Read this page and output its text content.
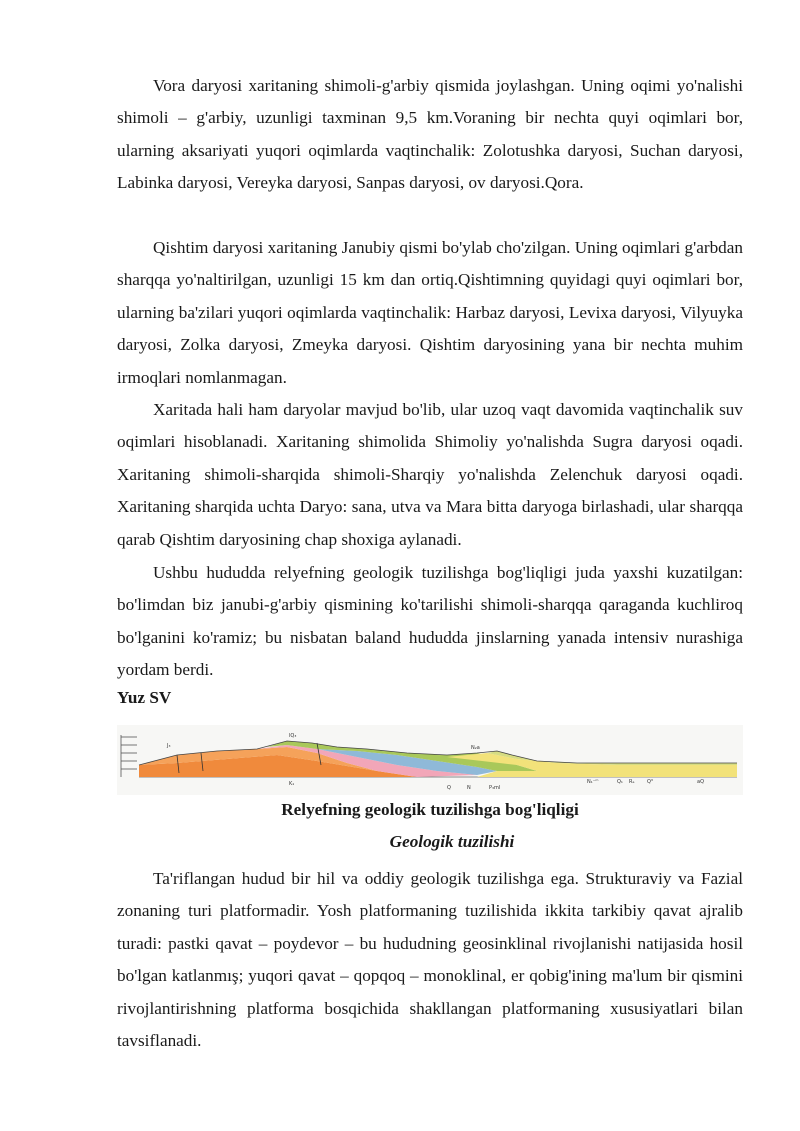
Vora daryosi xaritaning shimoli-g'arbiy qismida joylashgan. Uning oqimi yo'nalishi shimoli – g'arbiy, uzunligi taxminan 9,5 km.Voraning bir nechta quyi oqimlari bor, ularning aksariyati yuqori oqimlarda vaqtinchalik: Zolotushka daryosi, Suchan daryosi, Labinka daryosi, Vereyka daryosi, Sanpas daryosi, ov daryosi.Qora.

Qishtim daryosi xaritaning Janubiy qismi bo'ylab cho'zilgan. Uning oqimlari g'arbdan sharqqa yo'naltirilgan, uzunligi 15 km dan ortiq.Qishtimning quyidagi quyi oqimlari bor, ularning ba'zilari yuqori oqimlarda vaqtinchalik: Harbaz daryosi, Levixa daryosi, Vilyuyka daryosi, Zolka daryosi, Zmeyka daryosi. Qishtim daryosining yana bir nechta muhim irmoqlari nomlanmagan.

Xaritada hali ham daryolar mavjud bo'lib, ular uzoq vaqt davomida vaqtinchalik suv oqimlari hisoblanadi. Xaritaning shimolida Shimoliy yo'nalishda Sugra daryosi oqadi. Xaritaning shimoli-sharqida shimoli-Sharqiy yo'nalishda Zelenchuk daryosi oqadi. Xaritaning sharqida uchta Daryo: sana, utva va Mara bitta daryoga birlashadi, ular sharqqa qarab Qishtim daryosining chap shoxiga aylanadi.

Ushbu hududda relyefning geologik tuzilishga bog'liqligi juda yaxshi kuzatilgan: bo'limdan biz janubi-g'arbiy qismining ko'tarilishi shimoli-sharqqa qaraganda kuchliroq bo'lganini ko'ramiz; bu nisbatan baland hududda jinslarning yanada intensiv nurashiga yordam berdi.

Yuz SV

J₃
lQ₃
K₁
N₂a
Q	N	P₃ml
N₁⁻ᵐ	Q₁ Rₐ	Q³	aQ

Relyefning geologik tuzilishga bog'liqligi

Geologik tuzilishi

Ta'riflangan hudud bir hil va oddiy geologik tuzilishga ega. Strukturaviy va Fazial zonaning turi platformadir. Yosh platformaning tuzilishida ikkita tarkibiy qavat ajralib turadi: pastki qavat – poydevor – bu hududning geosinklinal rivojlanishi natijasida hosil bo'lgan katlanmış; yuqori qavat – qopqoq – monoklinal, er qobig'ining ma'lum bir qismini rivojlantirishning platforma bosqichida shakllangan platformaning xususiyatlari bilan tavsiflanadi.
